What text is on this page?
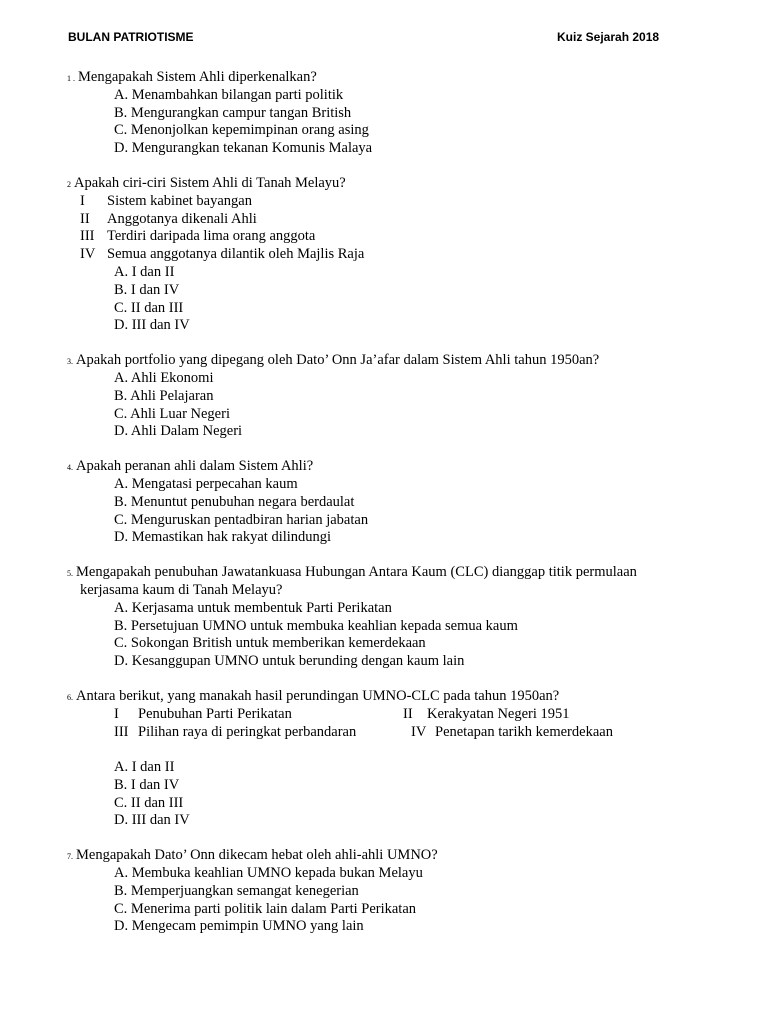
BULAN PATRIOTISME	Kuiz Sejarah 2018
1 . Mengapakah Sistem Ahli diperkenalkan?
A. Menambahkan bilangan parti politik
B. Mengurangkan campur tangan British
C. Menonjolkan kepemimpinan orang asing
D. Mengurangkan tekanan Komunis Malaya
2 Apakah ciri-ciri Sistem Ahli di Tanah Melayu?
I Sistem kabinet bayangan
II Anggotanya dikenali Ahli
III Terdiri daripada lima orang anggota
IV Semua anggotanya dilantik oleh Majlis Raja
A. I dan II
B. I dan IV
C. II dan III
D. III dan IV
3. Apakah portfolio yang dipegang oleh Dato’ Onn Ja’afar dalam Sistem Ahli tahun 1950an?
A. Ahli Ekonomi
B. Ahli Pelajaran
C. Ahli Luar Negeri
D. Ahli Dalam Negeri
4. Apakah peranan ahli dalam Sistem Ahli?
A. Mengatasi perpecahan kaum
B. Menuntut penubuhan negara berdaulat
C. Menguruskan pentadbiran harian jabatan
D. Memastikan hak rakyat dilindungi
5. Mengapakah penubuhan Jawatankuasa Hubungan Antara Kaum (CLC) dianggap titik permulaan
kerjasama kaum di Tanah Melayu?
A. Kerjasama untuk membentuk Parti Perikatan
B. Persetujuan UMNO untuk membuka keahlian kepada semua kaum
C. Sokongan British untuk memberikan kemerdekaan
D. Kesanggupan UMNO untuk berunding dengan kaum lain
6. Antara berikut, yang manakah hasil perundingan UMNO-CLC pada tahun 1950an?
I Penubuhan Parti Perikatan	II Kerakyatan Negeri 1951
III Pilihan raya di peringkat perbandaran	IV Penetapan tarikh kemerdekaan
A. I dan II
B. I dan IV
C. II dan III
D. III dan IV
7. Mengapakah Dato’ Onn dikecam hebat oleh ahli-ahli UMNO?
A. Membuka keahlian UMNO kepada bukan Melayu
B. Memperjuangkan semangat kenegerian
C. Menerima parti politik lain dalam Parti Perikatan
D. Mengecam pemimpin UMNO yang lain
